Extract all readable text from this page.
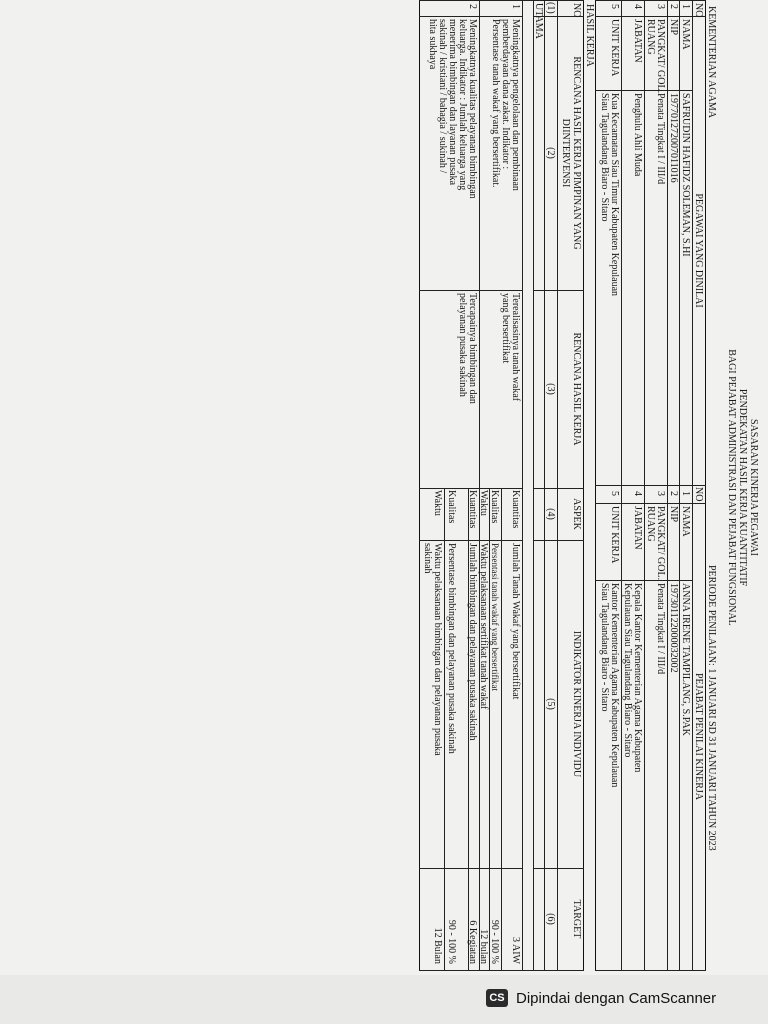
SASARAN KINERJA PEGAWAI
PENDEKATAN HASIL KERJA KUANTITATIF
BAGI PEJABAT ADMINISTRASI DAN PEJABAT FUNGSIONAL
KEMENTERIAN AGAMA
PERIODE PENILAIAN: 1 JANUARI SD 31 JANUARI TAHUN 2023
NO
PEGAWAI YANG DINILAI
NO
PEJABAT PENILAI KINERJA
1
NAMA
SAFRUDIN HAFIDZ SOLEMAN, S.HI
1
NAMA
ANNA IRENE TAMPILANG, S.PAK
2
NIP
197701272007011016
2
NIP
197301122000032002
3
PANGKAT/ GOL.
RUANG
Penata Tingkat I / III/d
3
PANGKAT/ GOL.
RUANG
Penata Tingkat I / III/d
4
JABATAN
Penghulu Ahli Muda
4
JABATAN
Kepala Kantor Kementerian Agama Kabupaten
Kepulauan Siau Tagulandang Biaro - Sitaro
5
UNIT KERJA
Kua Kecamatan Siau Timur Kabupaten Kepulauan
Siau Tagulandang Biaro - Sitaro
5
UNIT KERJA
Kantor Kementerian Agama Kabupaten Kepulauan
Siau Tagulandang Biaro - Sitaro
HASIL KERJA
NO
RENCANA HASIL KERJA PIMPINAN YANG
DIINTERVENSI
RENCANA HASIL KERJA
ASPEK
INDIKATOR KINERJA INDIVIDU
TARGET
(1)
(2)
(3)
(4)
(5)
(6)
UTAMA
1
Meningkatnya pengelolaan dan pembinaan
pemberdayaan dana zakat. Indikator :
Persentase tanah wakaf yang bersertifikat.
Terealisasinya tanah wakaf
yang bersertifikat
Kuantitas
Jumlah Tanah Wakaf yang bersertifikat
3 AIW
Kualitas
Persentasi tanah wakaf yang bersertifikat
90 - 100 %
Waktu
Waktu pelaksanaan sertifikat tanah wakaf
12 bulan
2
Meningkatnya kualitas pelayanan bimbingan
keluarga. Indikator : Jumlah keluarga yang
menerima bimbingan dan layanan pusaka
sakinah / kristiani / bahagia / sukinah /
hita sukhaya
Tercapainya bimbingan dan
pelayanan pusaka sakinah
Kuantitas
Jumlah bimbingan dan pelayanan pusaka sakinah
6 Kegiatan
Kualitas
Persentase bimbingan dan pelayanan pusaka sakinah
90 - 100 %
Waktu
Waktu pelaksanaan bimbingan dan pelayanan pusaka
sakinah
12 Bulan
CS Dipindai dengan CamScanner
